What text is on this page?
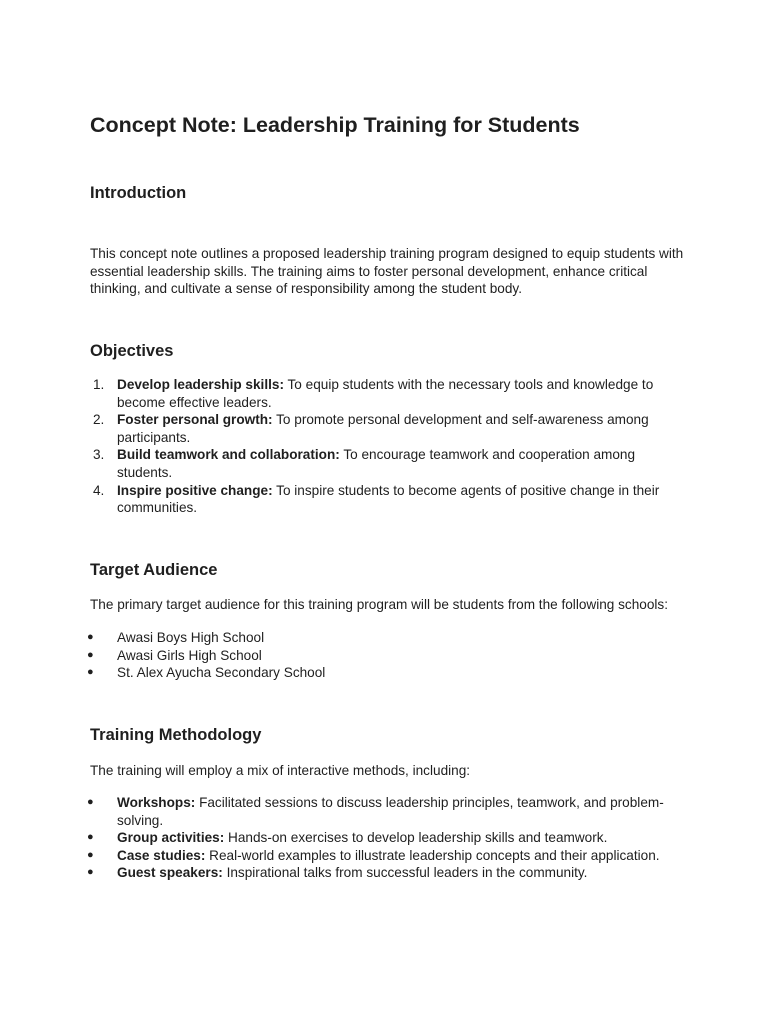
Concept Note: Leadership Training for Students
Introduction

This concept note outlines a proposed leadership training program designed to equip students with essential leadership skills. The training aims to foster personal development, enhance critical thinking, and cultivate a sense of responsibility among the student body.

Objectives
1. Develop leadership skills: To equip students with the necessary tools and knowledge to become effective leaders.
2. Foster personal growth: To promote personal development and self-awareness among participants.
3. Build teamwork and collaboration: To encourage teamwork and cooperation among students.
4. Inspire positive change: To inspire students to become agents of positive change in their communities.
Target Audience

The primary target audience for this training program will be students from the following schools:

● Awasi Boys High School
● Awasi Girls High School
● St. Alex Ayucha Secondary School
Training Methodology

The training will employ a mix of interactive methods, including:

● Workshops: Facilitated sessions to discuss leadership principles, teamwork, and problem-solving.
● Group activities: Hands-on exercises to develop leadership skills and teamwork.
● Case studies: Real-world examples to illustrate leadership concepts and their application.
● Guest speakers: Inspirational talks from successful leaders in the community.
